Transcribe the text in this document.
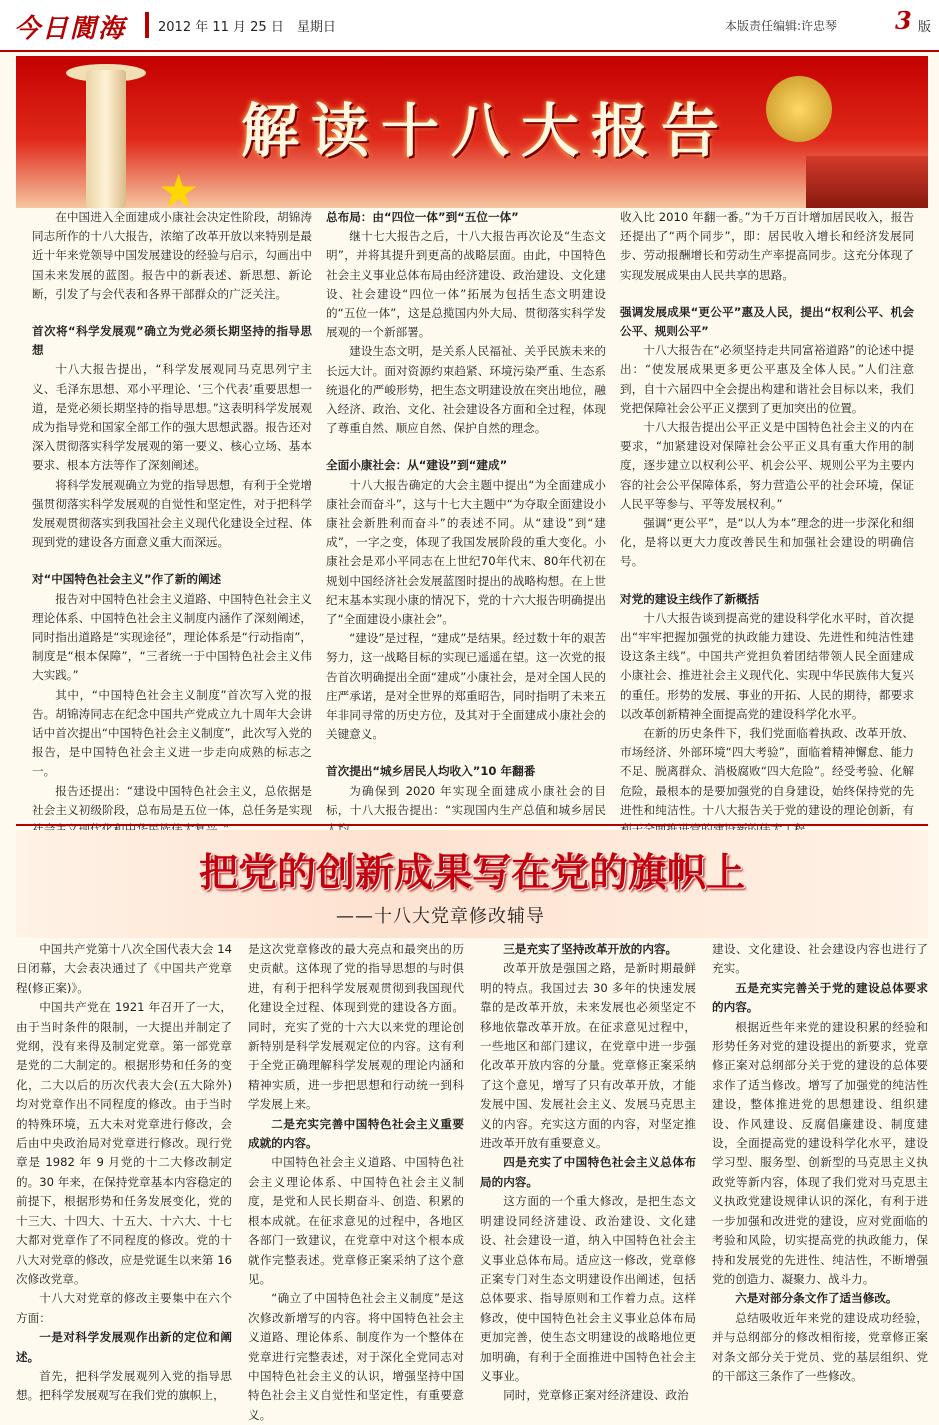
今日閬海 2012 年 11 月 25 日　星期日	本版责任编辑:许忠琴 3 版
★
解读十八大报告

在中国进入全面建成小康社会决定性阶段，胡锦涛同志所作的十八大报告，浓缩了改革开放以来特别是最近十年来党领导中国发展建设的经验与启示，勾画出中国未来发展的蓝图。报告中的新表述、新思想、新论断，引发了与会代表和各界干部群众的广泛关注。

首次将“科学发展观”确立为党必须长期坚持的指导思想

十八大报告提出，“科学发展观同马克思列宁主义、毛泽东思想、邓小平理论、‘三个代表’重要思想一道，是党必须长期坚持的指导思想。”这表明科学发展观成为指导党和国家全部工作的强大思想武器。报告还对深入贯彻落实科学发展观的第一要义、核心立场、基本要求、根本方法等作了深刻阐述。

将科学发展观确立为党的指导思想，有利于全党增强贯彻落实科学发展观的自觉性和坚定性，对于把科学发展观贯彻落实到我国社会主义现代化建设全过程、体现到党的建设各方面意义重大而深远。

对“中国特色社会主义”作了新的阐述

报告对中国特色社会主义道路、中国特色社会主义理论体系、中国特色社会主义制度内涵作了深刻阐述，同时指出道路是“实现途径”，理论体系是“行动指南”，制度是“根本保障”，“三者统一于中国特色社会主义伟大实践。”

其中，“中国特色社会主义制度”首次写入党的报告。胡锦涛同志在纪念中国共产党成立九十周年大会讲话中首次提出“中国特色社会主义制度”，此次写入党的报告，是中国特色社会主义进一步走向成熟的标志之一。

报告还提出：“建设中国特色社会主义，总依据是社会主义初级阶段，总布局是五位一体，总任务是实现

总布局：由“四位一体”到“五位一体”

继十七大报告之后，十八大报告再次论及“生态文明”，并将其提升到更高的战略层面。由此，中国特色社会主义事业总体布局由经济建设、政治建设、文化建设、社会建设“四位一体”拓展为包括生态文明建设的“五位一体”，这是总揽国内外大局、贯彻落实科学发展观的一个新部署。

建设生态文明，是关系人民福祉、关乎民族未来的长远大计。面对资源约束趋紧、环境污染严重、生态系统退化的严峻形势，把生态文明建设放在突出地位，融入经济、政治、文化、社会建设各方面和全过程，体现了尊重自然、顺应自然、保护自然的理念。

全面小康社会：从“建设”到“建成”

十八大报告确定的大会主题中提出“为全面建成小康社会而奋斗”，这与十七大主题中“为夺取全面建设小康社会新胜利而奋斗”的表述不同。从“建设”到“建成”，一字之变，体现了我国发展阶段的重大变化。小康社会是邓小平同志在上世纪70年代末、80年代初在规划中国经济社会发展蓝图时提出的战略构想。在上世纪末基本实现小康的情况下，党的十六大报告明确提出了“全面建设小康社会”。

“建设”是过程，“建成”是结果。经过数十年的艰苦努力，这一战略目标的实现已遥遥在望。这一次党的报告首次明确提出全面“建成”小康社会，是对全国人民的庄严承诺，是对全世界的郑重昭告，同时指明了未来五年非同寻常的历史方位，及其对于全面建成小康社会的关键意义。

首次提出“城乡居民人均收入”10 年翻番

为确保到 2020 年实现全面建成小康社会的目标，十八大报告提出：“实现国内生产总值和城乡居民

收入比 2010 年翻一番。”为千万百计增加居民收入，报告还提出了“两个同步”，即：居民收入增长和经济发展同步、劳动报酬增长和劳动生产率提高同步。这充分体现了实现发展成果由人民共享的思路。

强调发展成果“更公平”惠及人民，提出“权利公平、机会公平、规则公平”

十八大报告在“必须坚持走共同富裕道路”的论述中提出：“使发展成果更多更公平惠及全体人民。”人们注意到，自十六届四中全会提出构建和谐社会目标以来，我们党把保障社会公平正义摆到了更加突出的位置。

十八大报告提出公平正义是中国特色社会主义的内在要求，“加紧建设对保障社会公平正义具有重大作用的制度，逐步建立以权利公平、机会公平、规则公平为主要内容的社会公平保障体系，努力营造公平的社会环境，保证人民平等参与、平等发展权利。”

强调“更公平”，是“以人为本”理念的进一步深化和细化，是将以更大力度改善民生和加强社会建设的明确信号。

对党的建设主线作了新概括

十八大报告谈到提高党的建设科学化水平时，首次提出“牢牢把握加强党的执政能力建设、先进性和纯洁性建设这条主线”。中国共产党担负着团结带领人民全面建成小康社会、推进社会主义现代化、实现中华民族伟大复兴的重任。形势的发展、事业的开拓、人民的期待，都要求以改革创新精神全面提高党的建设科学化水平。

在新的历史条件下，我们党面临着执政、改革开放、市场经济、外部环境“四大考验”，面临着精神懈怠、能力不足、脱离群众、消极腐败“四大危险”。经受考验、化解危险，最根本的是要加强党的自身建设，始终保持党的先进性和纯洁性。十八大报告关于党的建设的理论创新，有

把党的创新成果写在党的旗帜上
——十八大党章修改辅导

中国共产党第十八次全国代表大会 14 日闭幕，大会表决通过了《中国共产党章程(修正案)》。

中国共产党在 1921 年召开了一大，由于当时条件的限制，一大提出并制定了党纲，没有来得及制定党章。第一部党章是党的二大制定的。根据形势和任务的变化，二大以后的历次代表大会(五大除外)均对党章作出不同程度的修改。由于当时的特殊环境，五大未对党章进行修改，会后由中央政治局对党章进行修改。现行党章是 1982 年 9 月党的十二大修改制定的。30 年来，在保持党章基本内容稳定的前提下，根据形势和任务发展变化，党的十三大、十四大、十五大、十六大、十七大都对党章作了不同程度的修改。党的十八大对党章的修改，应是党诞生以来第 16 次修改党章。

十八大对党章的修改主要集中在六个方面：

一是对科学发展观作出新的定位和阐述。

首先，把科学发展观列入党的指导思想。把科学发展观写在我们党的旗帜上，

是这次党章修改的最大亮点和最突出的历史贡献。这体现了党的指导思想的与时俱进，有利于把科学发展观贯彻到我国现代化建设全过程、体现到党的建设各方面。同时，充实了党的十六大以来党的理论创新特别是科学发展观定位的内容。这有利于全党正确理解科学发展观的理论内涵和精神实质，进一步把思想和行动统一到科学发展上来。

二是充实完善中国特色社会主义重要成就的内容。

中国特色社会主义道路、中国特色社会主义理论体系、中国特色社会主义制度，是党和人民长期奋斗、创造、积累的根本成就。在征求意见的过程中，各地区各部门一致建议，在党章中对这个根本成就作完整表述。党章修正案采纳了这个意见。

“确立了中国特色社会主义制度”是这次修改新增写的内容。将中国特色社会主义道路、理论体系、制度作为一个整体在党章进行完整表述，对于深化全党同志对中国特色社会主义的认识，增强坚持中国特色社会主义自觉性和坚定性，有重要意义。

三是充实了坚持改革开放的内容。

改革开放是强国之路，是新时期最鲜明的特点。我国过去 30 多年的快速发展靠的是改革开放，未来发展也必须坚定不移地依靠改革开放。在征求意见过程中，一些地区和部门建议，在党章中进一步强化改革开放内容的分量。党章修正案采纳了这个意见，增写了只有改革开放，才能发展中国、发展社会主义、发展马克思主义的内容。充实这方面的内容，对坚定推进改革开放有重要意义。

四是充实了中国特色社会主义总体布局的内容。

这方面的一个重大修改，是把生态文明建设同经济建设、政治建设、文化建设、社会建设一道，纳入中国特色社会主义事业总体布局。适应这一修改，党章修正案专门对生态文明建设作出阐述，包括总体要求、指导原则和工作着力点。这样修改，使中国特色社会主义事业总体布局更加完善，使生态文明建设的战略地位更加明确，有利于全面推进中国特色社会主义事业。

同时，党章修正案对经济建设、政治

建设、文化建设、社会建设内容也进行了充实。

五是充实完善关于党的建设总体要求的内容。

根据近些年来党的建设积累的经验和形势任务对党的建设提出的新要求，党章修正案对总纲部分关于党的建设的总体要求作了适当修改。增写了加强党的纯洁性建设，整体推进党的思想建设、组织建设、作风建设、反腐倡廉建设、制度建设，全面提高党的建设科学化水平，建设学习型、服务型、创新型的马克思主义执政党等新内容，体现了我们党对马克思主义执政党建设规律认识的深化，有利于进一步加强和改进党的建设，应对党面临的考验和风险，切实提高党的执政能力，保持和发展党的先进性、纯洁性，不断增强党的创造力、凝聚力、战斗力。

六是对部分条文作了适当修改。

总结吸收近年来党的建设成功经验，并与总纲部分的修改相衔接，党章修正案对条文部分关于党员、党的基层组织、党的干部这三条作了一些修改。
